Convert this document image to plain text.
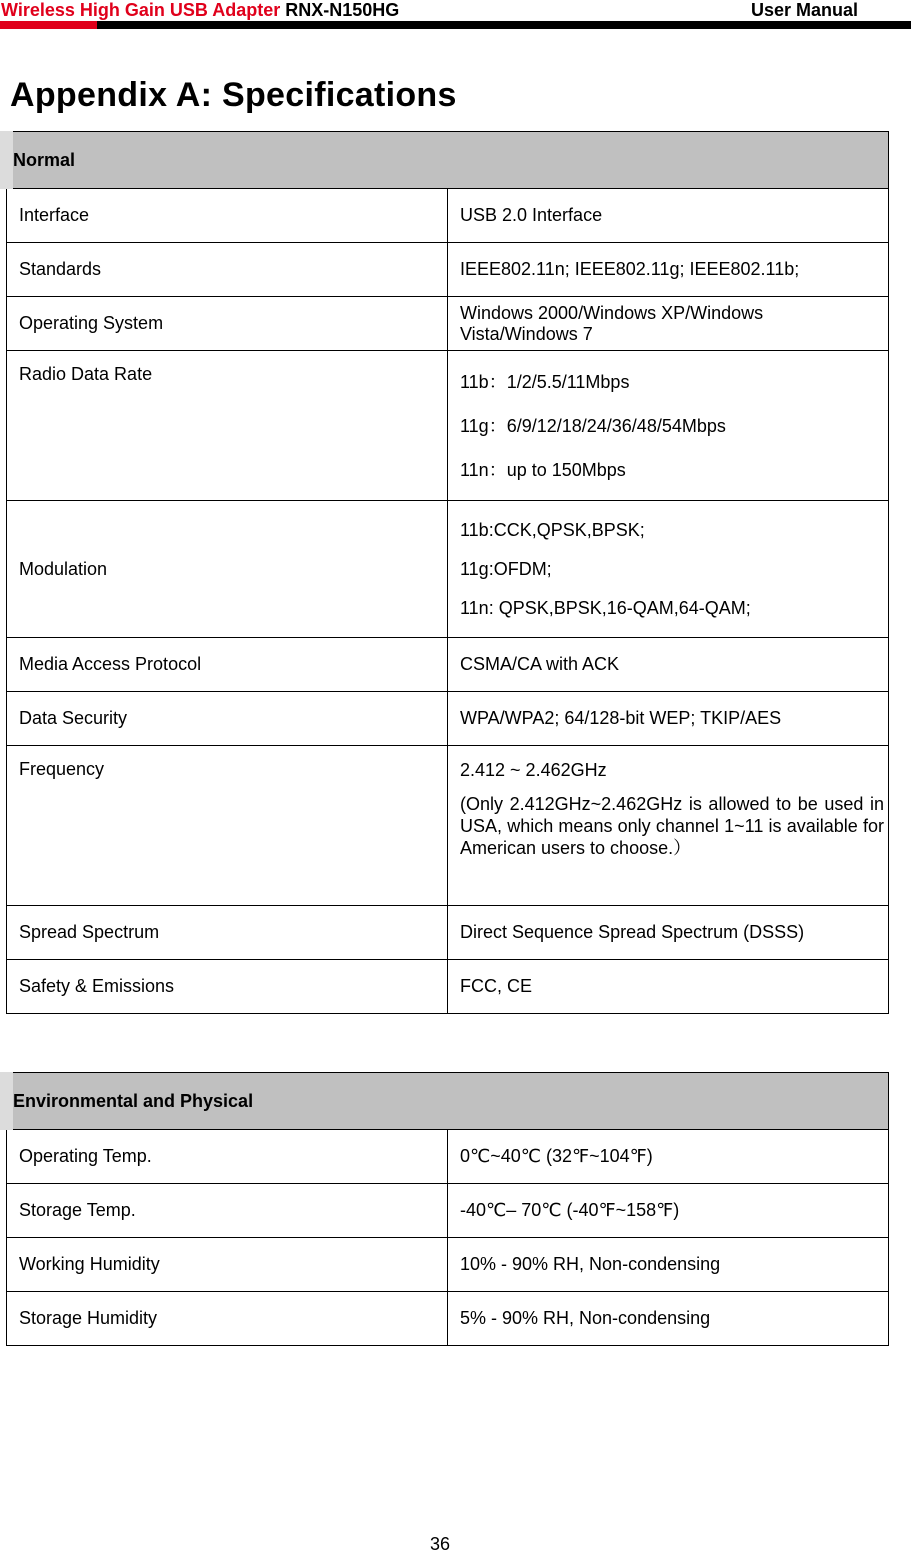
Wireless High Gain USB Adapter RNX-N150HG	User Manual
Appendix A: Specifications
Normal	
Interface	USB 2.0 Interface
Standards	IEEE802.11n; IEEE802.11g; IEEE802.11b;
Operating System	Windows 2000/Windows XP/Windows Vista/Windows 7
Radio Data Rate	11b：1/2/5.5/11Mbps
11g：6/9/12/18/24/36/48/54Mbps
11n：up to 150Mbps

Modulation	11b:CCK,QPSK,BPSK;
11g:OFDM;
11n: QPSK,BPSK,16-QAM,64-QAM;

Media Access Protocol	CSMA/CA with ACK
Data Security	WPA/WPA2; 64/128-bit WEP; TKIP/AES
Frequency	2.412 ~ 2.462GHz
(Only 2.412GHz~2.462GHz is allowed to be used in USA, which means only channel 1~11 is available for American users to choose.）

Spread Spectrum	Direct Sequence Spread Spectrum (DSSS)
Safety & Emissions	FCC, CE
Environmental and Physical	
Operating Temp.	0℃~40℃ (32℉~104℉)
Storage Temp.	-40℃– 70℃ (-40℉~158℉)
Working Humidity	10% - 90% RH, Non-condensing
Storage Humidity	5% - 90% RH, Non-condensing
36
